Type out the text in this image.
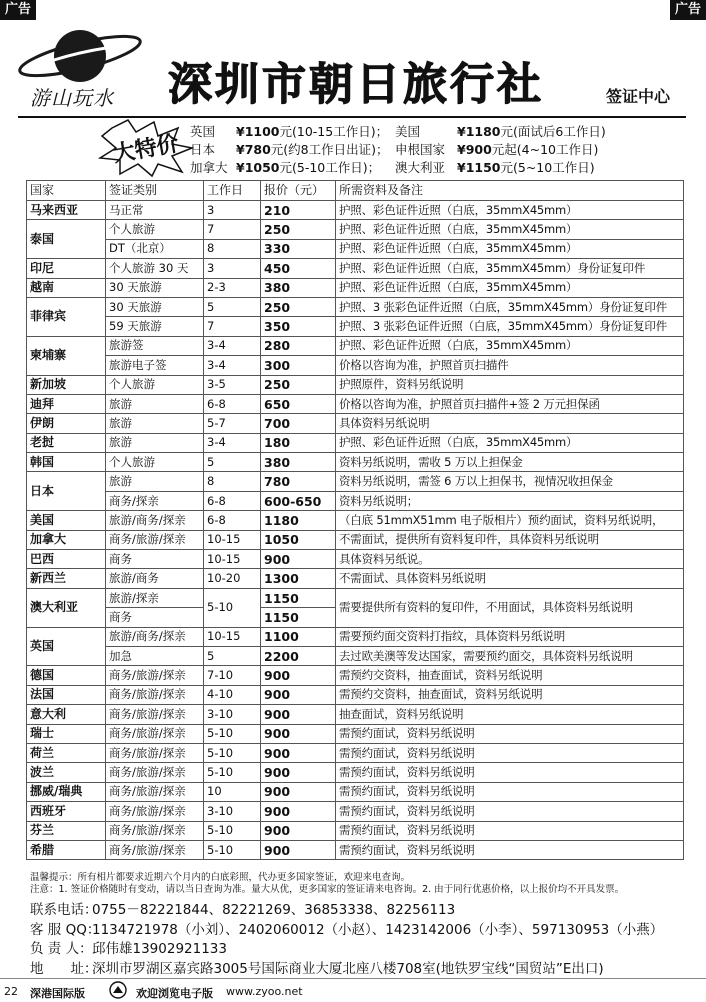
广告	广告
游山玩水 深圳市朝日旅行社	签证中心
大特价 英国 ¥1100元(10-15工作日)； 美国	¥1180元(面试后6工作日)
日本 ¥780元(约8工作日出证)； 申根国家 ¥900元起(4~10工作日)
加拿大 ¥1050元(5-10工作日)； 澳大利亚 ¥1150元(5~10工作日)
国家	签证类别	工作日	报价（元）	所需资料及备注
马来西亚	马正常	3	210	护照、彩色证件近照（白底，35mmX45mm）
泰国	个人旅游	7	250	护照、彩色证件近照（白底，35mmX45mm）
	DT（北京）	8	330	护照、彩色证件近照（白底，35mmX45mm）
印尼	个人旅游 30 天	3	450	护照、彩色证件近照（白底，35mmX45mm）身份证复印件
越南	30 天旅游	2-3	380	护照、彩色证件近照（白底，35mmX45mm）
菲律宾	30 天旅游	5	250	护照、3 张彩色证件近照（白底，35mmX45mm）身份证复印件
	59 天旅游	7	350	护照、3 张彩色证件近照（白底，35mmX45mm）身份证复印件
柬埔寨	旅游签	3-4	280	护照、彩色证件近照（白底，35mmX45mm）
	旅游电子签	3-4	300	价格以咨询为准，护照首页扫描件
新加坡	个人旅游	3-5	250	护照原件，资料另纸说明
迪拜	旅游	6-8	650	价格以咨询为准，护照首页扫描件+签 2 万元担保函
伊朗	旅游	5-7	700	具体资料另纸说明
老挝	旅游	3-4	180	护照、彩色证件近照（白底，35mmX45mm）
韩国	个人旅游	5	380	资料另纸说明，需收 5 万以上担保金
日本	旅游	8	780	资料另纸说明，需签 6 万以上担保书，视情况收担保金
	商务/探亲	6-8	600-650	资料另纸说明；
美国	旅游/商务/探亲	6-8	1180	（白底 51mmX51mm 电子版相片）预约面试，资料另纸说明，
加拿大	商务/旅游/探亲	10-15	1050	不需面试，提供所有资料复印件，具体资料另纸说明
巴西	商务	10-15	900	具体资料另纸说。
新西兰	旅游/商务	10-20	1300	不需面试、具体资料另纸说明
澳大利亚	旅游/探亲	5-10	1150	需要提供所有资料的复印件，不用面试，具体资料另纸说明
	商务		1150	
英国	旅游/商务/探亲	10-15	1100	需要预约面交资料打指纹，具体资料另纸说明
	加急	5	2200	去过欧美澳等发达国家，需要预约面交，具体资料另纸说明
德国	商务/旅游/探亲	7-10	900	需预约交资料，抽查面试，资料另纸说明
法国	商务/旅游/探亲	4-10	900	需预约交资料，抽查面试，资料另纸说明
意大利	商务/旅游/探亲	3-10	900	抽查面试，资料另纸说明
瑞士	商务/旅游/探亲	5-10	900	需预约面试，资料另纸说明
荷兰	商务/旅游/探亲	5-10	900	需预约面试，资料另纸说明
波兰	商务/旅游/探亲	5-10	900	需预约面试，资料另纸说明
挪威/瑞典	商务/旅游/探亲	10	900	需预约面试，资料另纸说明
西班牙	商务/旅游/探亲	3-10	900	需预约面试，资料另纸说明
芬兰	商务/旅游/探亲	5-10	900	需预约面试，资料另纸说明
希腊	商务/旅游/探亲	5-10	900	需预约面试，资料另纸说明
温馨提示：所有相片都要求近期六个月内的白底彩照，代办更多国家签证，欢迎来电查询。
注意：1. 签证价格随时有变动，请以当日查询为准。量大从优，更多国家的签证请来电咨询。2. 由于同行优惠价格，以上报价均不开具发票。
联系电话：0755－82221844、82221269、36853338、82256113
客 服 QQ：1134721978（小刘）、2402060012（小赵）、1423142006（小李）、597130953（小燕）
负 责 人：邱伟雄13902921133
地　　址：深圳市罗湖区嘉宾路3005号国际商业大厦北座八楼708室(地铁罗宝线“国贸站”E出口)
22 深港国际版	欢迎浏览电子版 www.zyoo.net
